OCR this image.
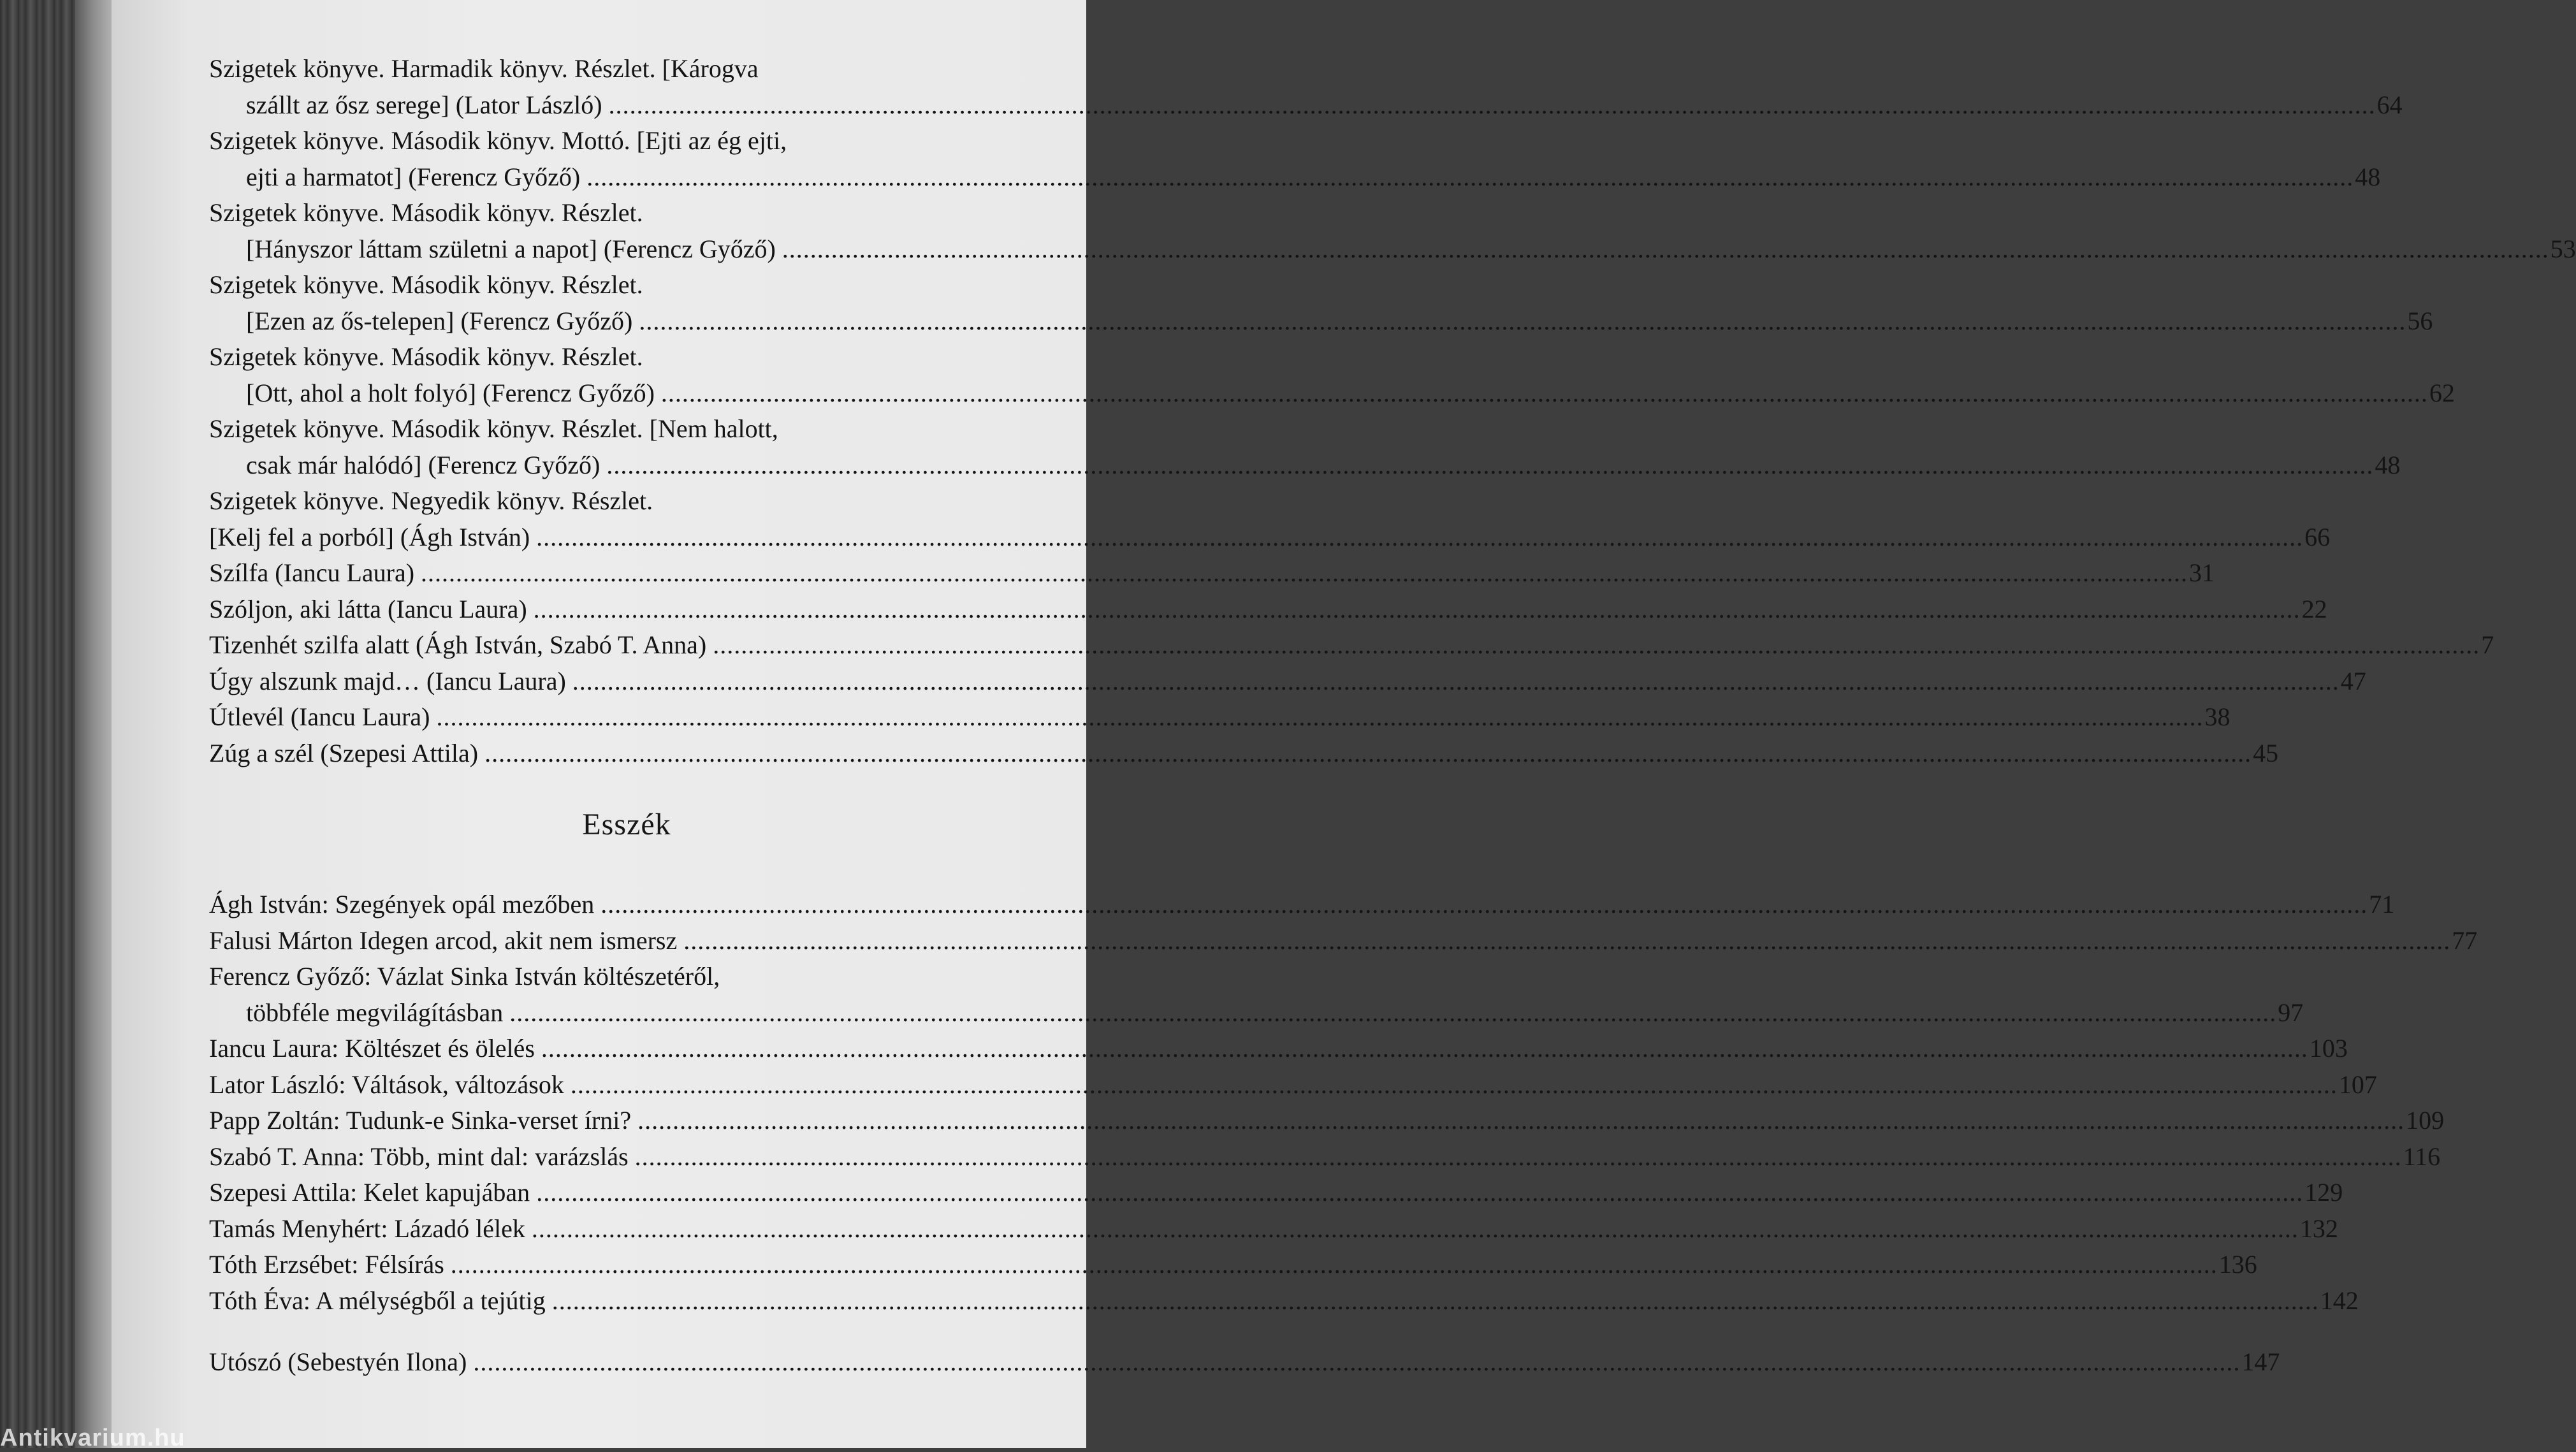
Szigetek könyve. Harmadik könyv. Részlet. [Károgva
szállt az ősz serege] (Lator László) .....	64
Szigetek könyve. Második könyv. Mottó. [Ejti az ég ejti,
ejti a harmatot] (Ferencz Győző) .....	48
Szigetek könyve. Második könyv. Részlet.
[Hányszor láttam születni a napot] (Ferencz Győző) .....	53
Szigetek könyve. Második könyv. Részlet.
[Ezen az ős-telepen] (Ferencz Győző) .....	56
Szigetek könyve. Második könyv. Részlet.
[Ott, ahol a holt folyó] (Ferencz Győző) .....	62
Szigetek könyve. Második könyv. Részlet. [Nem halott,
csak már halódó] (Ferencz Győző) .....	48
Szigetek könyve. Negyedik könyv. Részlet.
[Kelj fel a porból] (Ágh István) .....	66
Szílfa (Iancu Laura) .....	31
Szóljon, aki látta (Iancu Laura) .....	22
Tizenhét szilfa alatt (Ágh István, Szabó T. Anna) .....	7
Úgy alszunk majd… (Iancu Laura) .....	47
Útlevél (Iancu Laura) .....	38
Zúg a szél (Szepesi Attila) .....	45
Esszék
Ágh István: Szegények opál mezőben .....	71
Falusi Márton Idegen arcod, akit nem ismersz .....	77
Ferencz Győző: Vázlat Sinka István költészetéről,
többféle megvilágításban .....	97
Iancu Laura: Költészet és ölelés .....	103
Lator László: Váltások, változások .....	107
Papp Zoltán: Tudunk-e Sinka-verset írni? .....	109
Szabó T. Anna: Több, mint dal: varázslás .....	116
Szepesi Attila: Kelet kapujában .....	129
Tamás Menyhért: Lázadó lélek .....	132
Tóth Erzsébet: Félsírás .....	136
Tóth Éva: A mélységből a tejútig .....	142
Utószó (Sebestyén Ilona) .....	147
Antikvarium.hu
